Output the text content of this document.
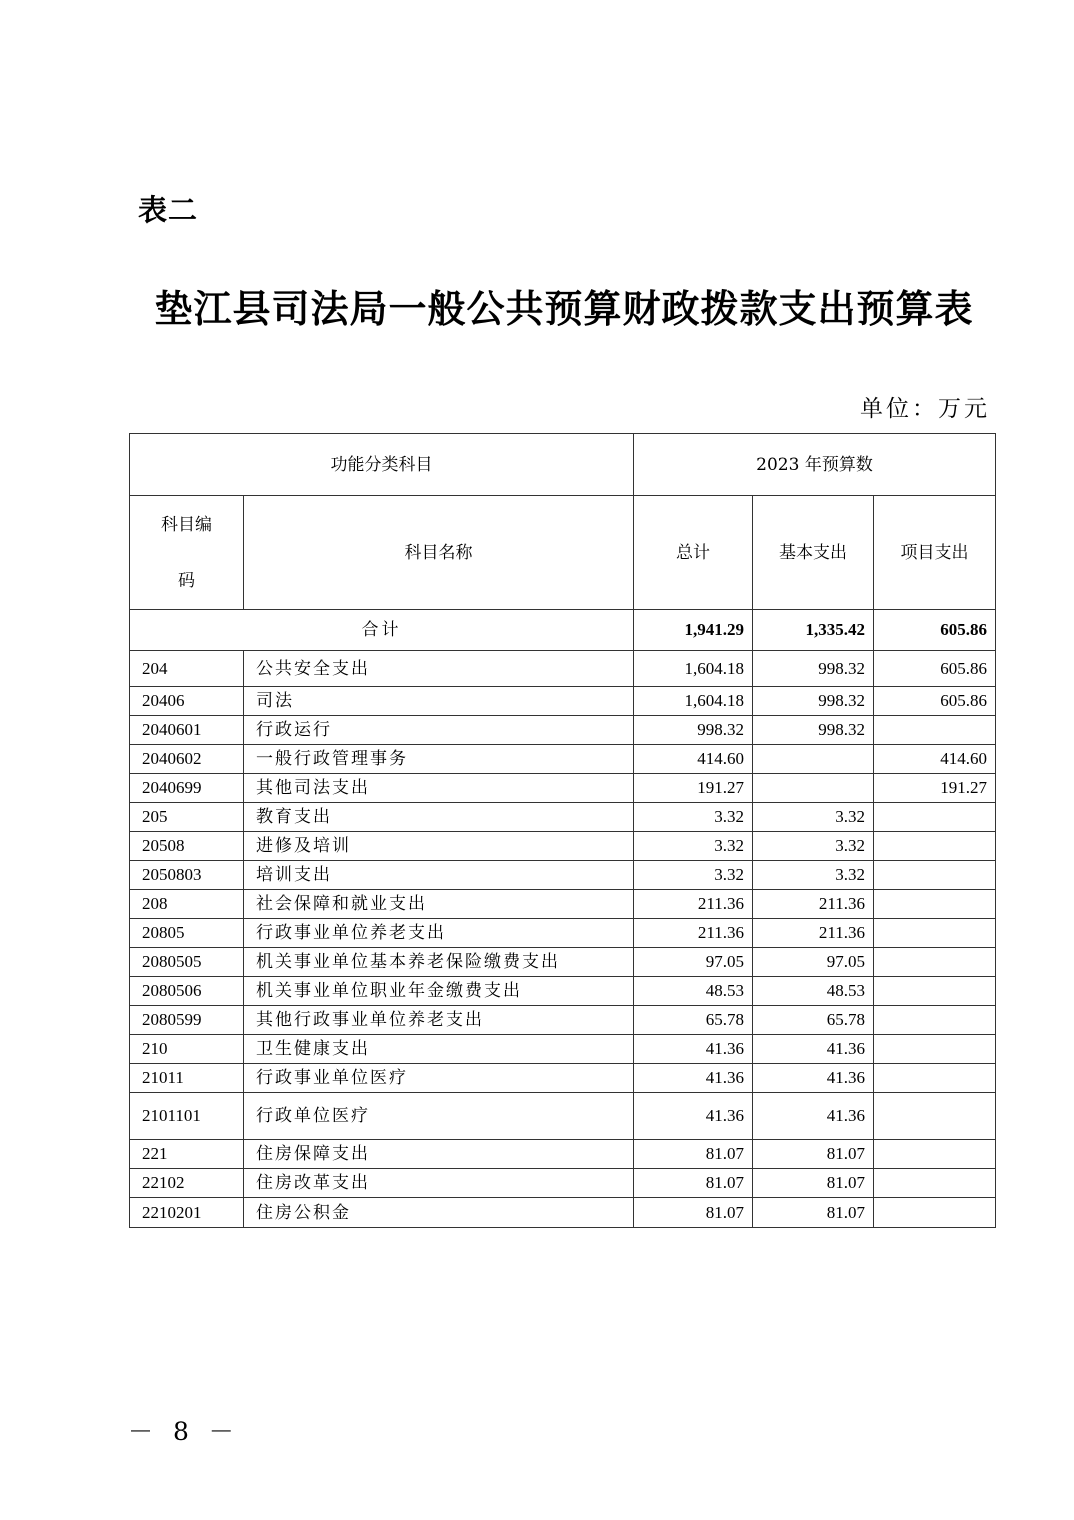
表二
垫江县司法局一般公共预算财政拨款支出预算表
单位：万元
功能分类科目		2023 年预算数		
科目编
码	科目名称	总计	基本支出	项目支出
合计		1,941.29	1,335.42	605.86
204	公共安全支出	1,604.18	998.32	605.86
20406	司法	1,604.18	998.32	605.86
2040601	行政运行	998.32	998.32	
2040602	一般行政管理事务	414.60		414.60
2040699	其他司法支出	191.27		191.27
205	教育支出	3.32	3.32	
20508	进修及培训	3.32	3.32	
2050803	培训支出	3.32	3.32	
208	社会保障和就业支出	211.36	211.36	
20805	行政事业单位养老支出	211.36	211.36	
2080505	机关事业单位基本养老保险缴费支出	97.05	97.05	
2080506	机关事业单位职业年金缴费支出	48.53	48.53	
2080599	其他行政事业单位养老支出	65.78	65.78	
210	卫生健康支出	41.36	41.36	
21011	行政事业单位医疗	41.36	41.36	
2101101	行政单位医疗	41.36	41.36	
221	住房保障支出	81.07	81.07	
22102	住房改革支出	81.07	81.07	
2210201	住房公积金	81.07	81.07	
－ 8 －
